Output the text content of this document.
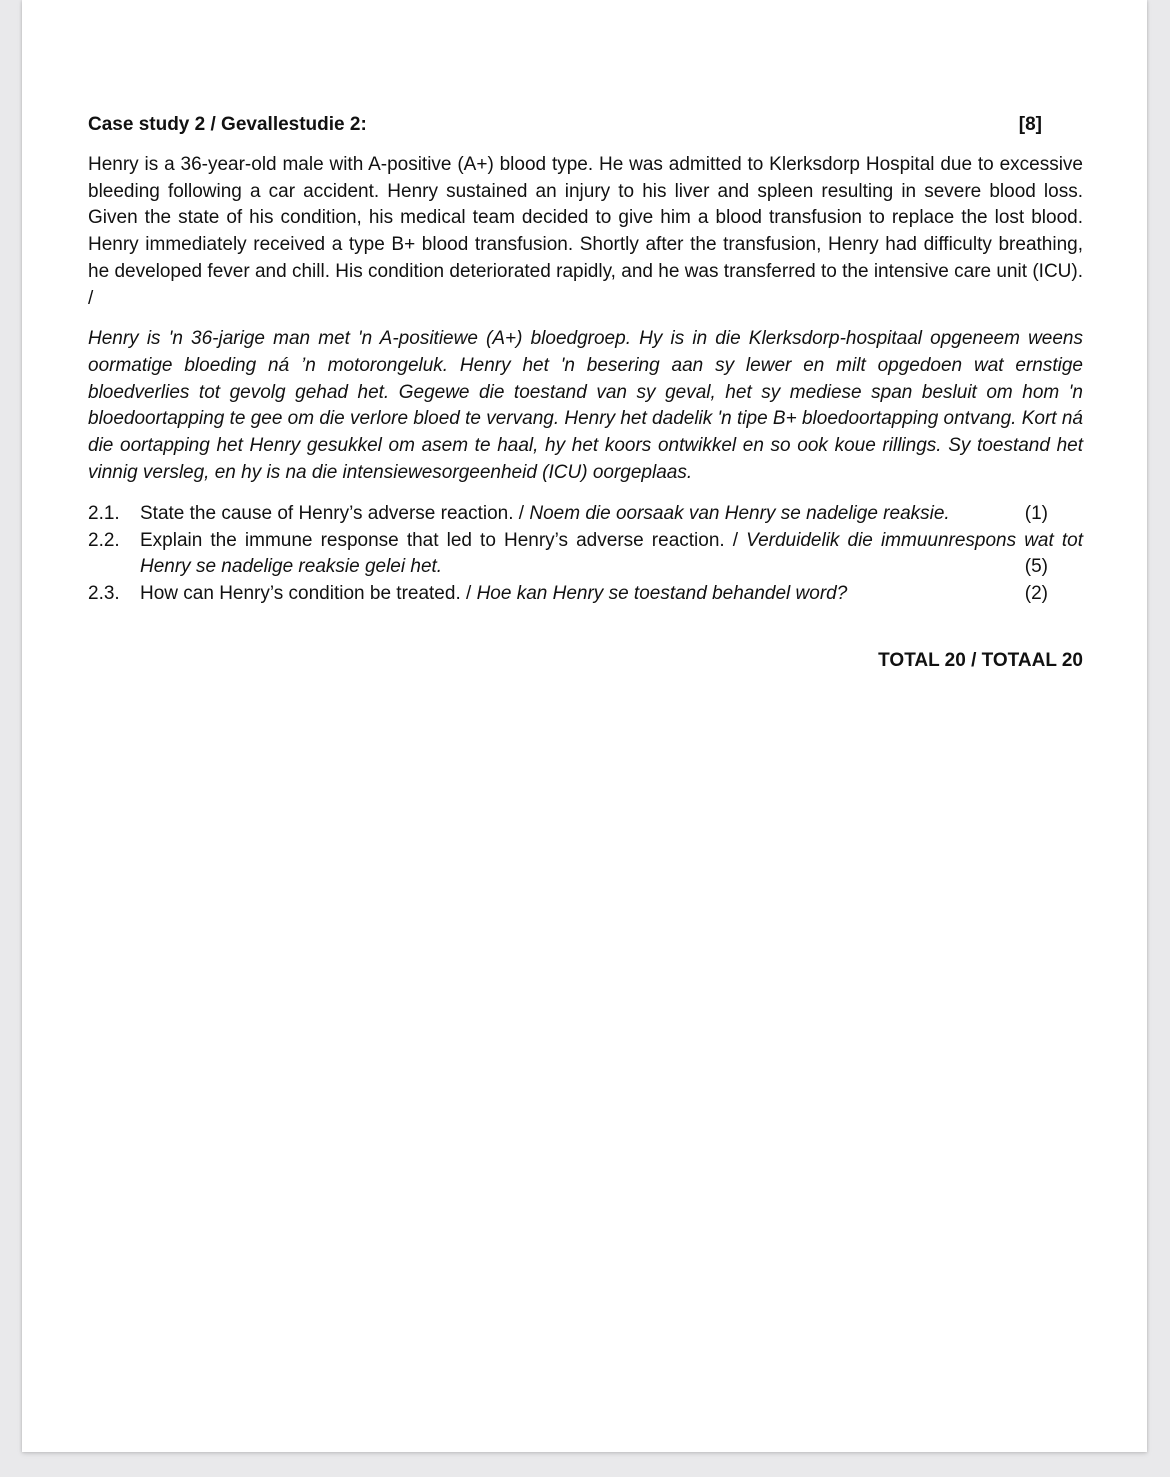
Case study 2 / Gevallestudie 2:	[8]

Henry is a 36-year-old male with A-positive (A+) blood type. He was admitted to Klerksdorp Hospital due to excessive bleeding following a car accident. Henry sustained an injury to his liver and spleen resulting in severe blood loss. Given the state of his condition, his medical team decided to give him a blood transfusion to replace the lost blood. Henry immediately received a type B+ blood transfusion. Shortly after the transfusion, Henry had difficulty breathing, he developed fever and chill. His condition deteriorated rapidly, and he was transferred to the intensive care unit (ICU). /

Henry is 'n 36-jarige man met 'n A-positiewe (A+) bloedgroep. Hy is in die Klerksdorp-hospitaal opgeneem weens oormatige bloeding ná ’n motorongeluk. Henry het 'n besering aan sy lewer en milt opgedoen wat ernstige bloedverlies tot gevolg gehad het. Gegewe die toestand van sy geval, het sy mediese span besluit om hom 'n bloedoortapping te gee om die verlore bloed te vervang. Henry het dadelik 'n tipe B+ bloedoortapping ontvang. Kort ná die oortapping het Henry gesukkel om asem te haal, hy het koors ontwikkel en so ook koue rillings. Sy toestand het vinnig versleg, en hy is na die intensiewesorgeenheid (ICU) oorgeplaas.

2.1.	State the cause of Henry’s adverse reaction. / Noem die oorsaak van Henry se nadelige reaksie.	(1)
2.2.	Explain the immune response that led to Henry’s adverse reaction. / Verduidelik die immuunrespons wat tot Henry se nadelige reaksie gelei het.	(5)
2.3.	How can Henry’s condition be treated. / Hoe kan Henry se toestand behandel word?	(2)
TOTAL 20 / TOTAAL 20
